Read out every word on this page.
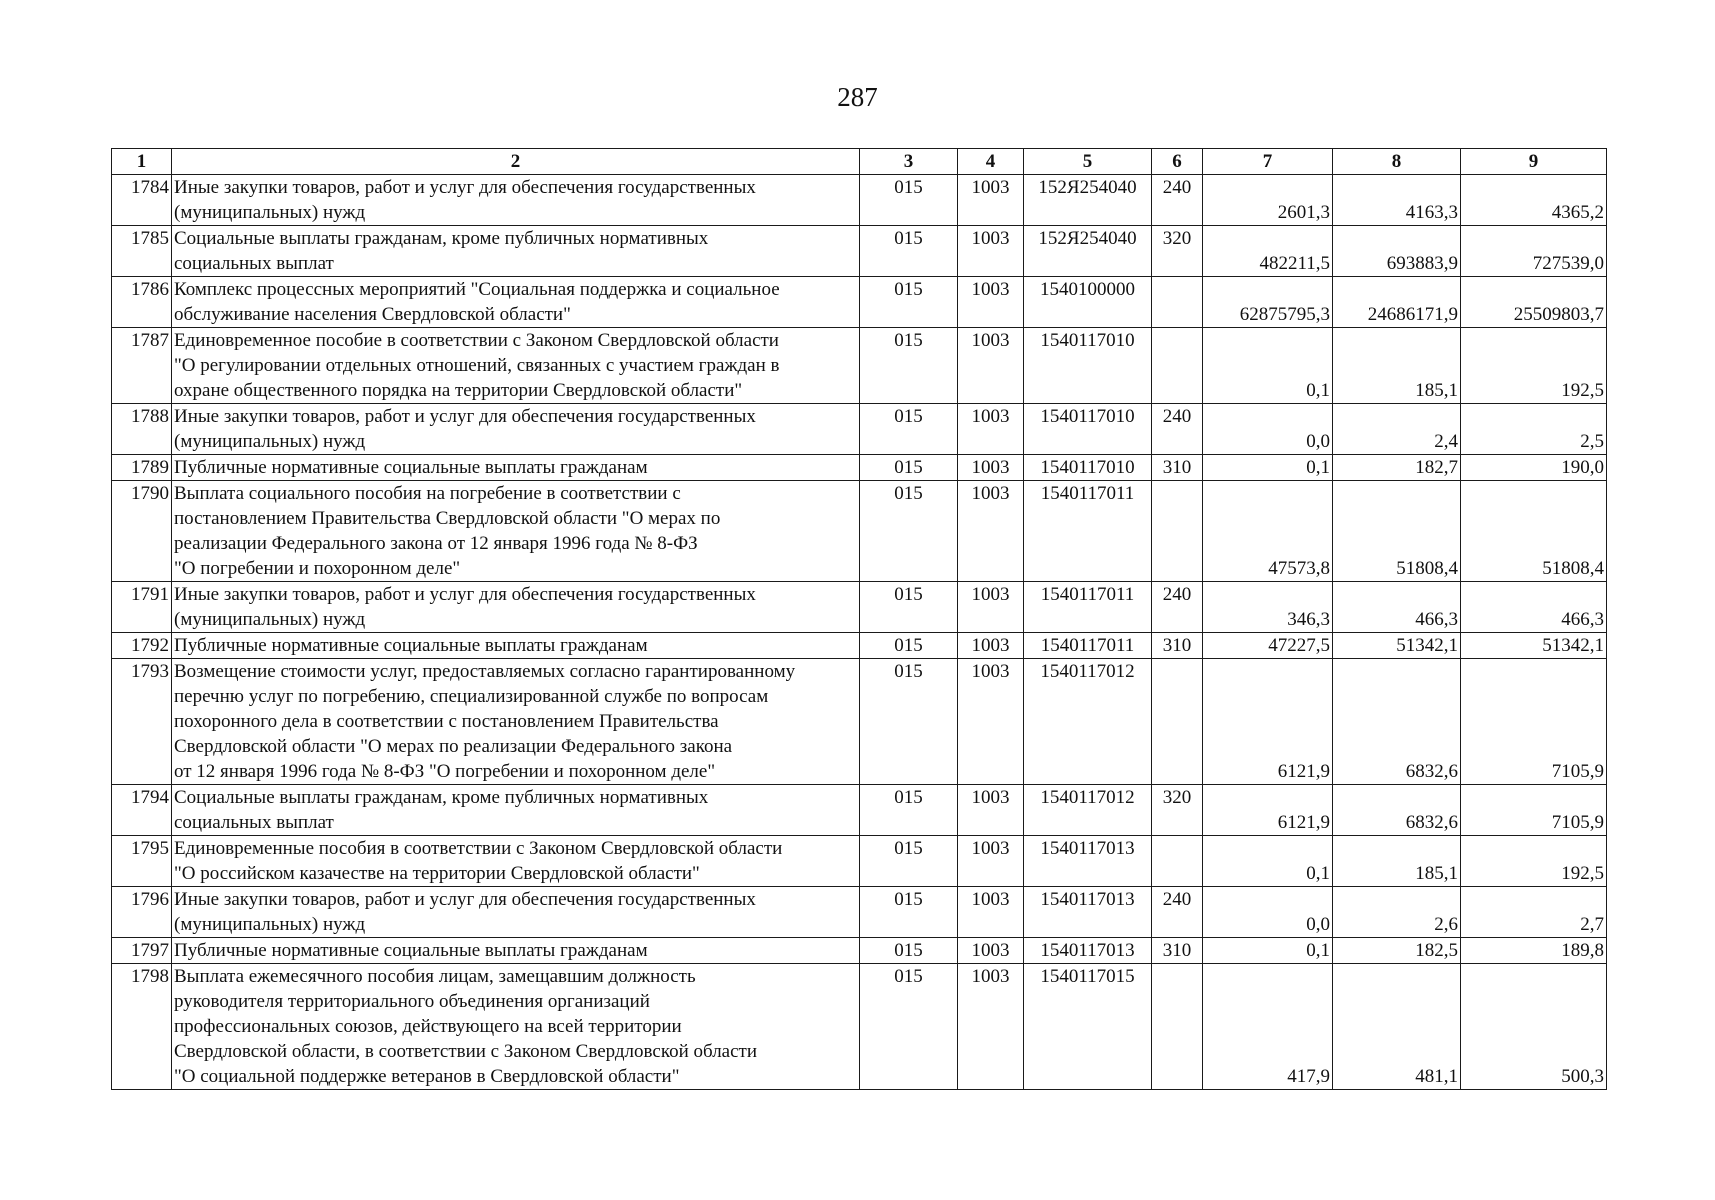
287
1	2	3	4	5	6	7	8	9
1784	Иные закупки товаров, работ и услуг для обеспечения государственных
(муниципальных) нужд	015	1003	152Я254040	240	2601,3	4163,3	4365,2
1785	Социальные выплаты гражданам, кроме публичных нормативных
социальных выплат	015	1003	152Я254040	320	482211,5	693883,9	727539,0
1786	Комплекс процессных мероприятий "Социальная поддержка и социальное
обслуживание населения Свердловской области"	015	1003	1540100000		62875795,3	24686171,9	25509803,7
1787	Единовременное пособие в соответствии с Законом Свердловской области
"О регулировании отдельных отношений, связанных с участием граждан в
охране общественного порядка на территории Свердловской области"	015	1003	1540117010		0,1	185,1	192,5
1788	Иные закупки товаров, работ и услуг для обеспечения государственных
(муниципальных) нужд	015	1003	1540117010	240	0,0	2,4	2,5
1789	Публичные нормативные социальные выплаты гражданам	015	1003	1540117010	310	0,1	182,7	190,0
1790	Выплата социального пособия на погребение в соответствии с
постановлением Правительства Свердловской области "О мерах по
реализации Федерального закона от 12 января 1996 года № 8-ФЗ
"О погребении и похоронном деле"	015	1003	1540117011		47573,8	51808,4	51808,4
1791	Иные закупки товаров, работ и услуг для обеспечения государственных
(муниципальных) нужд	015	1003	1540117011	240	346,3	466,3	466,3
1792	Публичные нормативные социальные выплаты гражданам	015	1003	1540117011	310	47227,5	51342,1	51342,1
1793	Возмещение стоимости услуг, предоставляемых согласно гарантированному
перечню услуг по погребению, специализированной службе по вопросам
похоронного дела в соответствии с постановлением Правительства
Свердловской области "О мерах по реализации Федерального закона
от 12 января 1996 года № 8-ФЗ "О погребении и похоронном деле"	015	1003	1540117012		6121,9	6832,6	7105,9
1794	Социальные выплаты гражданам, кроме публичных нормативных
социальных выплат	015	1003	1540117012	320	6121,9	6832,6	7105,9
1795	Единовременные пособия в соответствии с Законом Свердловской области
"О российском казачестве на территории Свердловской области"	015	1003	1540117013		0,1	185,1	192,5
1796	Иные закупки товаров, работ и услуг для обеспечения государственных
(муниципальных) нужд	015	1003	1540117013	240	0,0	2,6	2,7
1797	Публичные нормативные социальные выплаты гражданам	015	1003	1540117013	310	0,1	182,5	189,8
1798	Выплата ежемесячного пособия лицам, замещавшим должность
руководителя территориального объединения организаций
профессиональных союзов, действующего на всей территории
Свердловской области, в соответствии с Законом Свердловской области
"О социальной поддержке ветеранов в Свердловской области"	015	1003	1540117015		417,9	481,1	500,3
